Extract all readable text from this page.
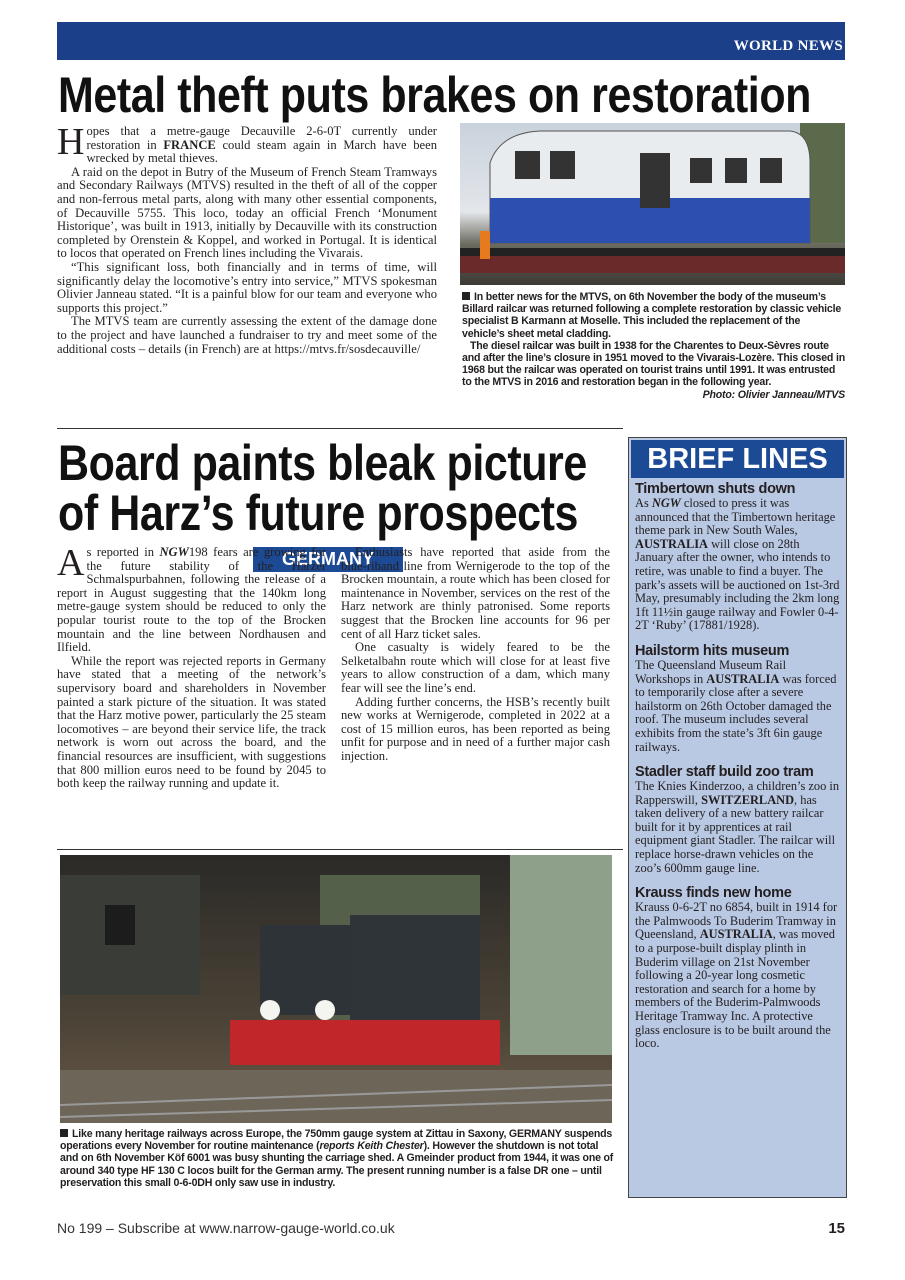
WORLD NEWS
Metal theft puts brakes on restoration

Hopes that a metre-gauge Decauville 2-6-0T currently under restoration in FRANCE could steam again in March have been wrecked by metal thieves.

A raid on the depot in Butry of the Museum of French Steam Tramways and Secondary Railways (MTVS) resulted in the theft of all of the copper and non-ferrous metal parts, along with many other essential components, of Decauville 5755. This loco, today an official French ‘Monument Historique’, was built in 1913, initially by Decauville with its construction completed by Orenstein & Koppel, and worked in Portugal. It is identical to locos that operated on French lines including the Vivarais.

“This significant loss, both financially and in terms of time, will significantly delay the locomotive’s entry into service,” MTVS spokesman Olivier Janneau stated. “It is a painful blow for our team and everyone who supports this project.”

The MTVS team are currently assessing the extent of the damage done to the project and have launched a fundraiser to try and meet some of the additional costs – details (in French) are at https://mtvs.fr/sosdecauville/

In better news for the MTVS, on 6th November the body of the museum’s Billard railcar was returned following a complete restoration by classic vehicle specialist B Karmann at Moselle. This included the replacement of the vehicle’s sheet metal cladding.
The diesel railcar was built in 1938 for the Charentes to Deux-Sèvres route and after the line’s closure in 1951 moved to the Vivarais-Lozère. This closed in 1968 but the railcar was operated on tourist trains until 1991. It was entrusted to the MTVS in 2016 and restoration began in the following year.
Photo: Olivier Janneau/MTVS
Board paints bleak picture
of Harz’s future prospects
GERMANY

As reported in NGW198 fears are growing for the future stability of the Harzer Schmalspurbahnen, following the release of a report in August suggesting that the 140km long metre-gauge system should be reduced to only the popular tourist route to the top of the Brocken mountain and the line between Nordhausen and Ilfield.

While the report was rejected reports in Germany have stated that a meeting of the network’s supervisory board and shareholders in November painted a stark picture of the situation. It was stated that the Harz motive power, particularly the 25 steam locomotives – are beyond their service life, the track network is worn out across the board, and the financial resources are insufficient, with suggestions that 800 million euros need to be found by 2045 to both keep the railway running and update it.

Enthusiasts have reported that aside from the blue-riband line from Wernigerode to the top of the Brocken mountain, a route which has been closed for maintenance in November, services on the rest of the Harz network are thinly patronised. Some reports suggest that the Brocken line accounts for 96 per cent of all Harz ticket sales.

One casualty is widely feared to be the Selketalbahn route which will close for at least five years to allow construction of a dam, which many fear will see the line’s end.

Adding further concerns, the HSB’s recently built new works at Wernigerode, completed in 2022 at a cost of 15 million euros, has been reported as being unfit for purpose and in need of a further major cash injection.

Like many heritage railways across Europe, the 750mm gauge system at Zittau in Saxony, GERMANY suspends operations every November for routine maintenance (reports Keith Chester). However the shutdown is not total and on 6th November Köf 6001 was busy shunting the carriage shed. A Gmeinder product from 1944, it was one of around 340 type HF 130 C locos built for the German army. The present running number is a false DR one – until preservation this small 0-6-0DH only saw use in industry.
BRIEF LINES
Timbertown shuts down
As NGW closed to press it was announced that the Timbertown heritage theme park in New South Wales, AUSTRALIA will close on 28th January after the owner, who intends to retire, was unable to find a buyer. The park’s assets will be auctioned on 1st-3rd May, presumably including the 2km long 1ft 11½in gauge railway and Fowler 0-4-2T ‘Ruby’ (17881/1928).
Hailstorm hits museum
The Queensland Museum Rail Workshops in AUSTRALIA was forced to temporarily close after a severe hailstorm on 26th October damaged the roof. The museum includes several exhibits from the state’s 3ft 6in gauge railways.
Stadler staff build zoo tram
The Knies Kinderzoo, a children’s zoo in Rapperswill, SWITZERLAND, has taken delivery of a new battery railcar built for it by apprentices at rail equipment giant Stadler. The railcar will replace horse-drawn vehicles on the zoo’s 600mm gauge line.
Krauss finds new home
Krauss 0-6-2T no 6854, built in 1914 for the Palmwoods To Buderim Tramway in Queensland, AUSTRALIA, was moved to a purpose-built display plinth in Buderim village on 21st November following a 20-year long cosmetic restoration and search for a home by members of the Buderim-Palmwoods Heritage Tramway Inc. A protective glass enclosure is to be built around the loco.
No 199 – Subscribe at www.narrow-gauge-world.co.uk	15
